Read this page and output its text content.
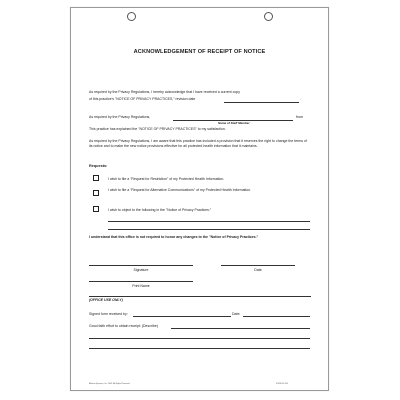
ACKNOWLEDGEMENT OF RECEIPT OF NOTICE
As required by the Privacy Regulations, I hereby acknowledge that I have received a current copy
of this practice's "NOTICE OF PRIVACY PRACTICES," revision date	.
As required by the Privacy Regulations,	from
Name of Staff Member
This practice has explained the "NOTICE OF PRIVACY PRACTICES" to my satisfaction.
As required by the Privacy Regulations, I am aware that this practice has included a provision that it reserves the right to change the terms of its notice and to make the new notice provisions effective for all protected health information that it maintains.
Requests:
I wish to file a "Request for Restriction" of my Protected Health Information.
I wish to file a "Request for Alternative Communications" of my Protected Health Information.
I wish to object to the following in the "Notice of Privacy Practices:"
I understand that this office is not required to honor any changes to the "Notice of Privacy Practices."
Signature	Date
Print Name
(OFFICE USE ONLY)
Signed form received by:	Date:
Good faith effort to obtain receipt: (Describe)
Bibbero Systems, Inc. 2003. All Rights Reserved	FORM 52-010
